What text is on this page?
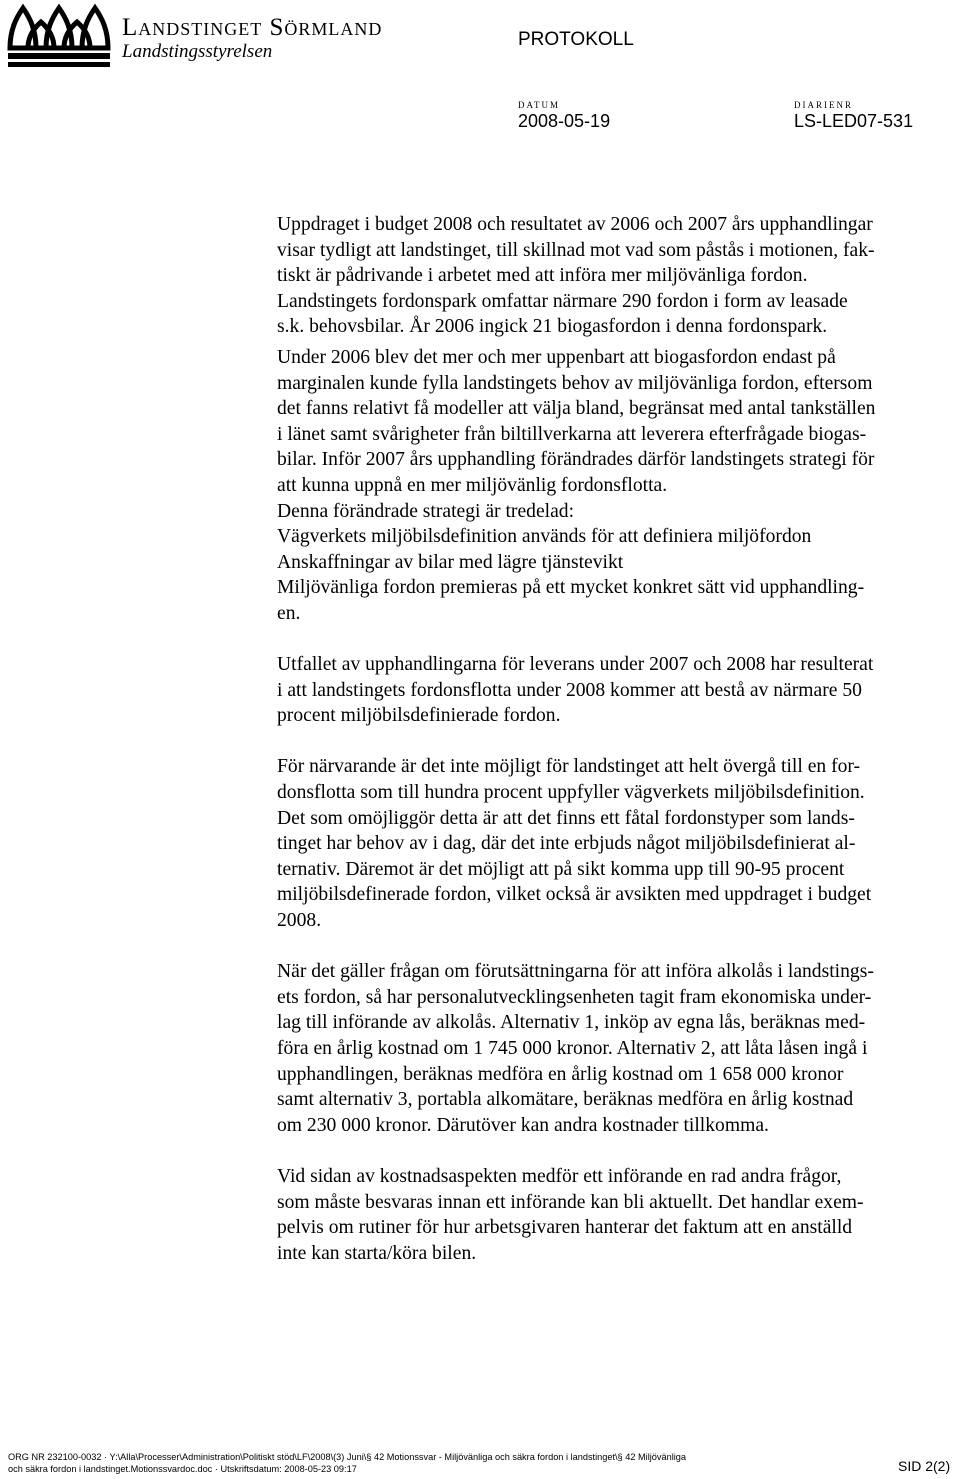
Landstinget Sörmland
Landstingsstyrelsen
PROTOKOLL
DATUM
2008-05-19
DIARIENR
LS-LED07-531

Uppdraget i budget 2008 och resultatet av 2006 och 2007 års upphandlingar

visar tydligt att landstinget, till skillnad mot vad som påstås i motionen, fak-

tiskt är pådrivande i arbetet med att införa mer miljövänliga fordon.

Landstingets fordonspark omfattar närmare 290 fordon i form av leasade

s.k. behovsbilar. År 2006 ingick 21 biogasfordon i denna fordonspark.

Under 2006 blev det mer och mer uppenbart att biogasfordon endast på

marginalen kunde fylla landstingets behov av miljövänliga fordon, eftersom

det fanns relativt få modeller att välja bland, begränsat med antal tankställen

i länet samt svårigheter från biltillverkarna att leverera efterfrågade biogas-

bilar. Inför 2007 års upphandling förändrades därför landstingets strategi för

att kunna uppnå en mer miljövänlig fordonsflotta.

Denna förändrade strategi är tredelad:

Vägverkets miljöbilsdefinition används för att definiera miljöfordon

Anskaffningar av bilar med lägre tjänstevikt

Miljövänliga fordon premieras på ett mycket konkret sätt vid upphandling-

en.

Utfallet av upphandlingarna för leverans under 2007 och 2008 har resulterat

i att landstingets fordonsflotta under 2008 kommer att bestå av närmare 50

procent miljöbilsdefinierade fordon.

För närvarande är det inte möjligt för landstinget att helt övergå till en for-

donsflotta som till hundra procent uppfyller vägverkets miljöbilsdefinition.

Det som omöjliggör detta är att det finns ett fåtal fordonstyper som lands-

tinget har behov av i dag, där det inte erbjuds något miljöbilsdefinierat al-

ternativ. Däremot är det möjligt att på sikt komma upp till 90-95 procent

miljöbilsdefinerade fordon, vilket också är avsikten med uppdraget i budget

2008.

När det gäller frågan om förutsättningarna för att införa alkolås i landstings-

ets fordon, så har personalutvecklingsenheten tagit fram ekonomiska under-

lag till införande av alkolås. Alternativ 1, inköp av egna lås, beräknas med-

föra en årlig kostnad om 1 745 000 kronor. Alternativ 2, att låta låsen ingå i

upphandlingen, beräknas medföra en årlig kostnad om 1 658 000 kronor

samt alternativ 3, portabla alkomätare, beräknas medföra en årlig kostnad

om 230 000 kronor. Därutöver kan andra kostnader tillkomma.

Vid sidan av kostnadsaspekten medför ett införande en rad andra frågor,

som måste besvaras innan ett införande kan bli aktuellt. Det handlar exem-

pelvis om rutiner för hur arbetsgivaren hanterar det faktum att en anställd

inte kan starta/köra bilen.

ORG NR 232100-0032 · Y:\Alla\Processer\Administration\Politiskt stöd\LF\2008\(3) Juni\§ 42 Motionssvar - Miljövänliga och säkra fordon i landstinget\§ 42 Miljövänliga
och säkra fordon i landstinget.Motionssvardoc.doc · Utskriftsdatum: 2008-05-23 09:17	SID 2(2)
